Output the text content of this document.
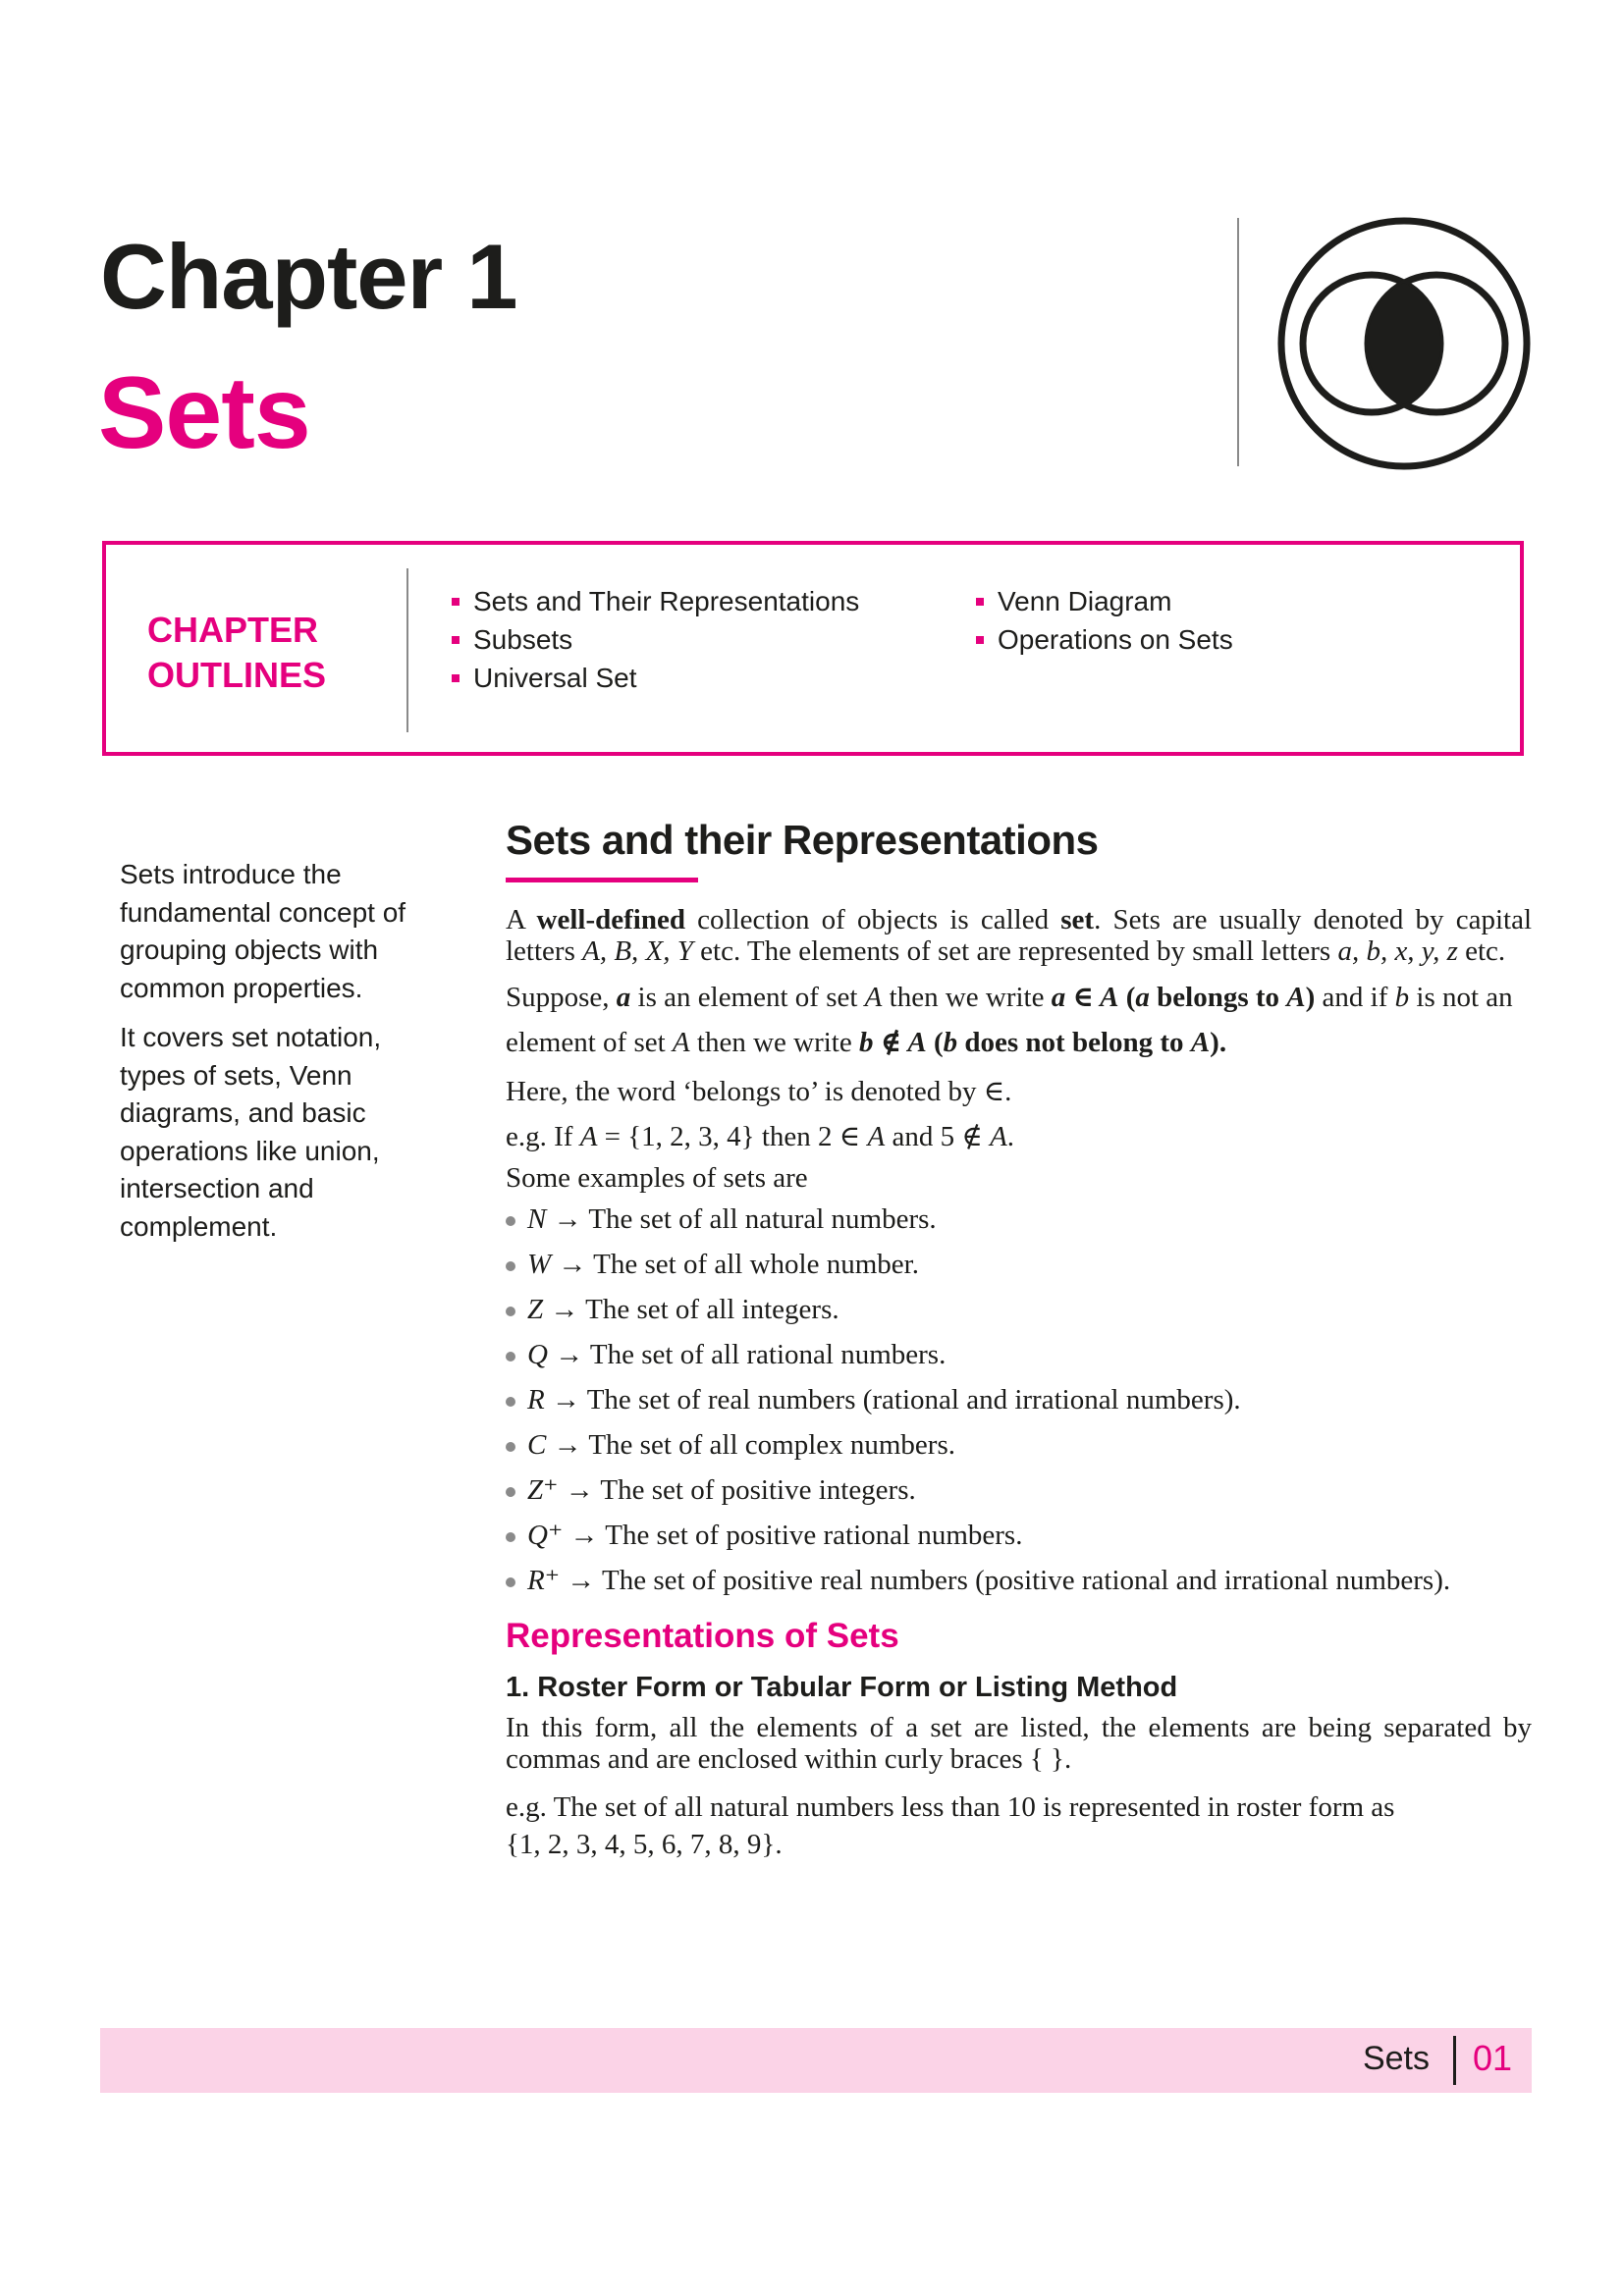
Chapter 1
Sets
CHAPTER
OUTLINES
Sets and Their Representations
Subsets
Universal Set
Venn Diagram
Operations on Sets

Sets introduce the fundamental concept of grouping objects with common properties.

It covers set notation, types of sets, Venn diagrams, and basic operations like union, intersection and complement.

Sets and their Representations

A well-defined collection of objects is called set. Sets are usually denoted by capital letters A, B, X, Y etc. The elements of set are represented by small letters a, b, x, y, z etc.

Suppose, a is an element of set A then we write a ∈ A (a belongs to A) and if b is not an element of set A then we write b ∉ A (b does not belong to A).

Here, the word ‘belongs to’ is denoted by ∈.

e.g. If A = {1, 2, 3, 4} then 2 ∈ A and 5 ∉ A.

Some examples of sets are

N → The set of all natural numbers.
W → The set of all whole number.
Z → The set of all integers.
Q → The set of all rational numbers.
R → The set of real numbers (rational and irrational numbers).
C → The set of all complex numbers.
Z⁺ → The set of positive integers.
Q⁺ → The set of positive rational numbers.
R⁺ → The set of positive real numbers (positive rational and irrational numbers).
Representations of Sets
1. Roster Form or Tabular Form or Listing Method

In this form, all the elements of a set are listed, the elements are being separated by commas and are enclosed within curly braces { }.

e.g. The set of all natural numbers less than 10 is represented in roster form as
{1, 2, 3, 4, 5, 6, 7, 8, 9}.

Sets 01
